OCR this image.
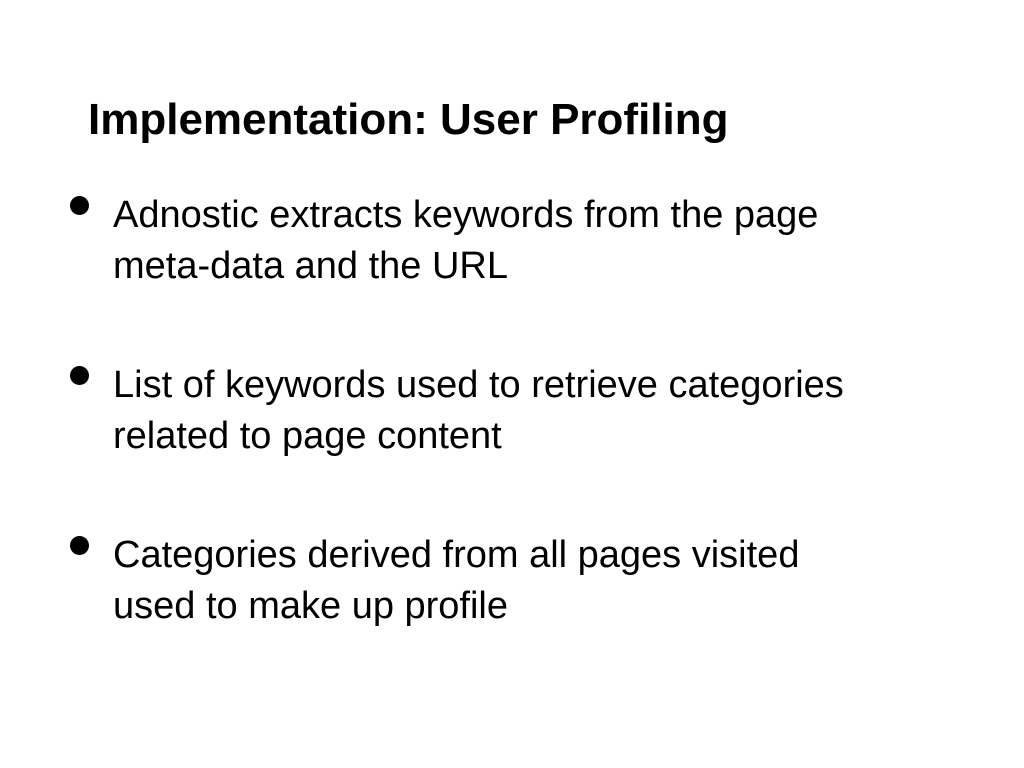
Implementation: User Profiling
Adnostic extracts keywords from the page
meta-data and the URL
List of keywords used to retrieve categories
related to page content
Categories derived from all pages visited
used to make up profile
